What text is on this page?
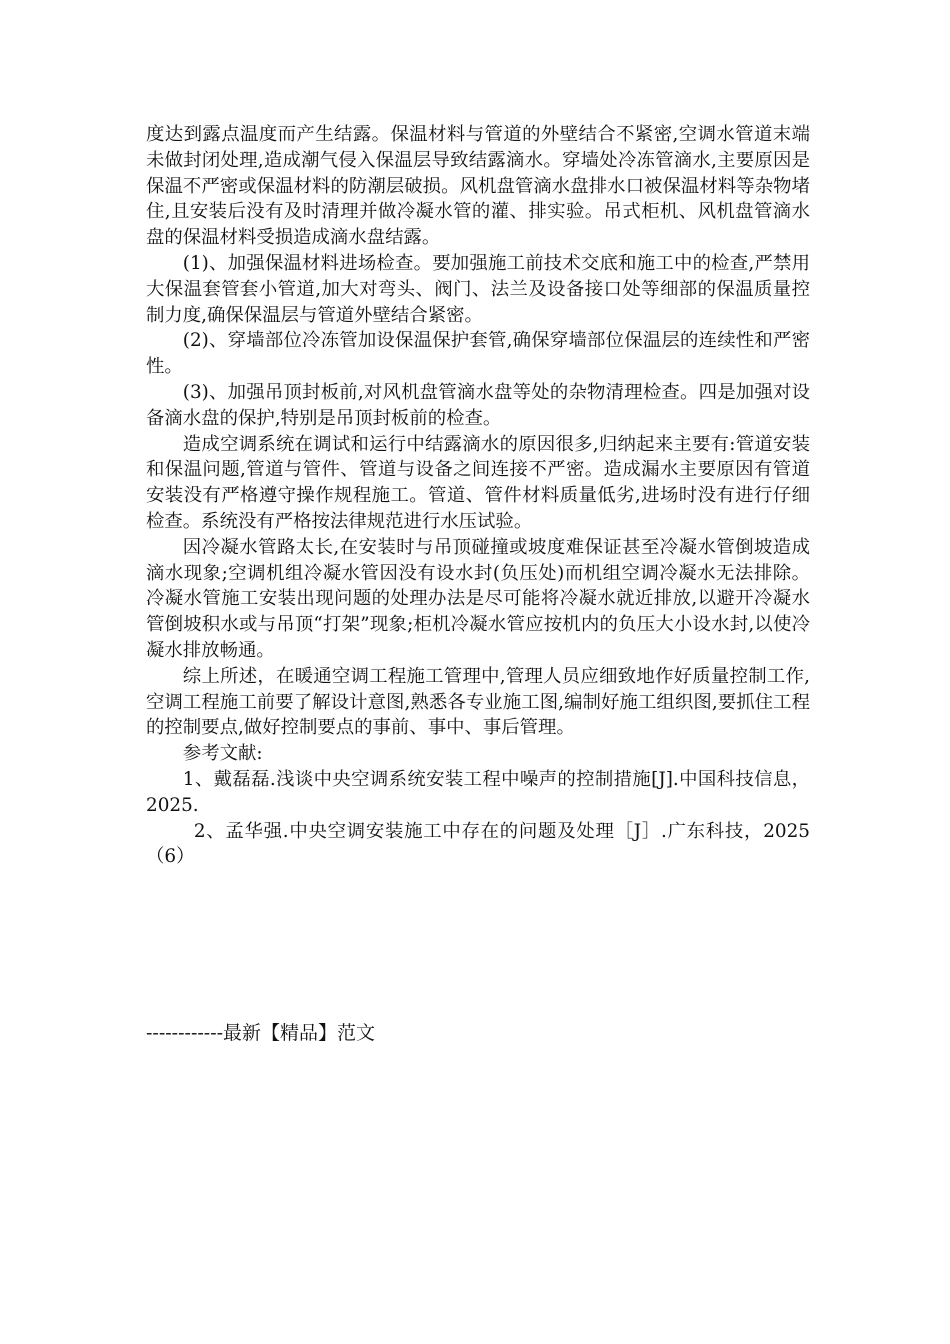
度达到露点温度而产生结露。保温材料与管道的外壁结合不紧密,空调水管道末端未做封闭处理,造成潮气侵入保温层导致结露滴水。穿墙处冷冻管滴水,主要原因是保温不严密或保温材料的防潮层破损。风机盘管滴水盘排水口被保温材料等杂物堵住,且安装后没有及时清理并做冷凝水管的灌、排实验。吊式柜机、风机盘管滴水盘的保温材料受损造成滴水盘结露。

(1)、加强保温材料进场检查。要加强施工前技术交底和施工中的检查,严禁用大保温套管套小管道,加大对弯头、阀门、法兰及设备接口处等细部的保温质量控制力度,确保保温层与管道外壁结合紧密。

(2)、穿墙部位冷冻管加设保温保护套管,确保穿墙部位保温层的连续性和严密性。

(3)、加强吊顶封板前,对风机盘管滴水盘等处的杂物清理检查。四是加强对设备滴水盘的保护,特别是吊顶封板前的检查。

造成空调系统在调试和运行中结露滴水的原因很多,归纳起来主要有:管道安装和保温问题,管道与管件、管道与设备之间连接不严密。造成漏水主要原因有管道安装没有严格遵守操作规程施工。管道、管件材料质量低劣,进场时没有进行仔细检查。系统没有严格按法律规范进行水压试验。

因冷凝水管路太长,在安装时与吊顶碰撞或坡度难保证甚至冷凝水管倒坡造成滴水现象;空调机组冷凝水管因没有设水封(负压处)而机组空调冷凝水无法排除。冷凝水管施工安装出现问题的处理办法是尽可能将冷凝水就近排放,以避开冷凝水管倒坡积水或与吊顶“打架”现象;柜机冷凝水管应按机内的负压大小设水封,以使冷凝水排放畅通。

综上所述，在暖通空调工程施工管理中,管理人员应细致地作好质量控制工作,空调工程施工前要了解设计意图,熟悉各专业施工图,编制好施工组织图,要抓住工程的控制要点,做好控制要点的事前、事中、事后管理。

参考文献:

1、戴磊磊.浅谈中央空调系统安装工程中噪声的控制措施[J].中国科技信息，2025.

2、孟华强.中央空调安装施工中存在的问题及处理［J］.广东科技，2025（6）

------------最新【精品】范文
